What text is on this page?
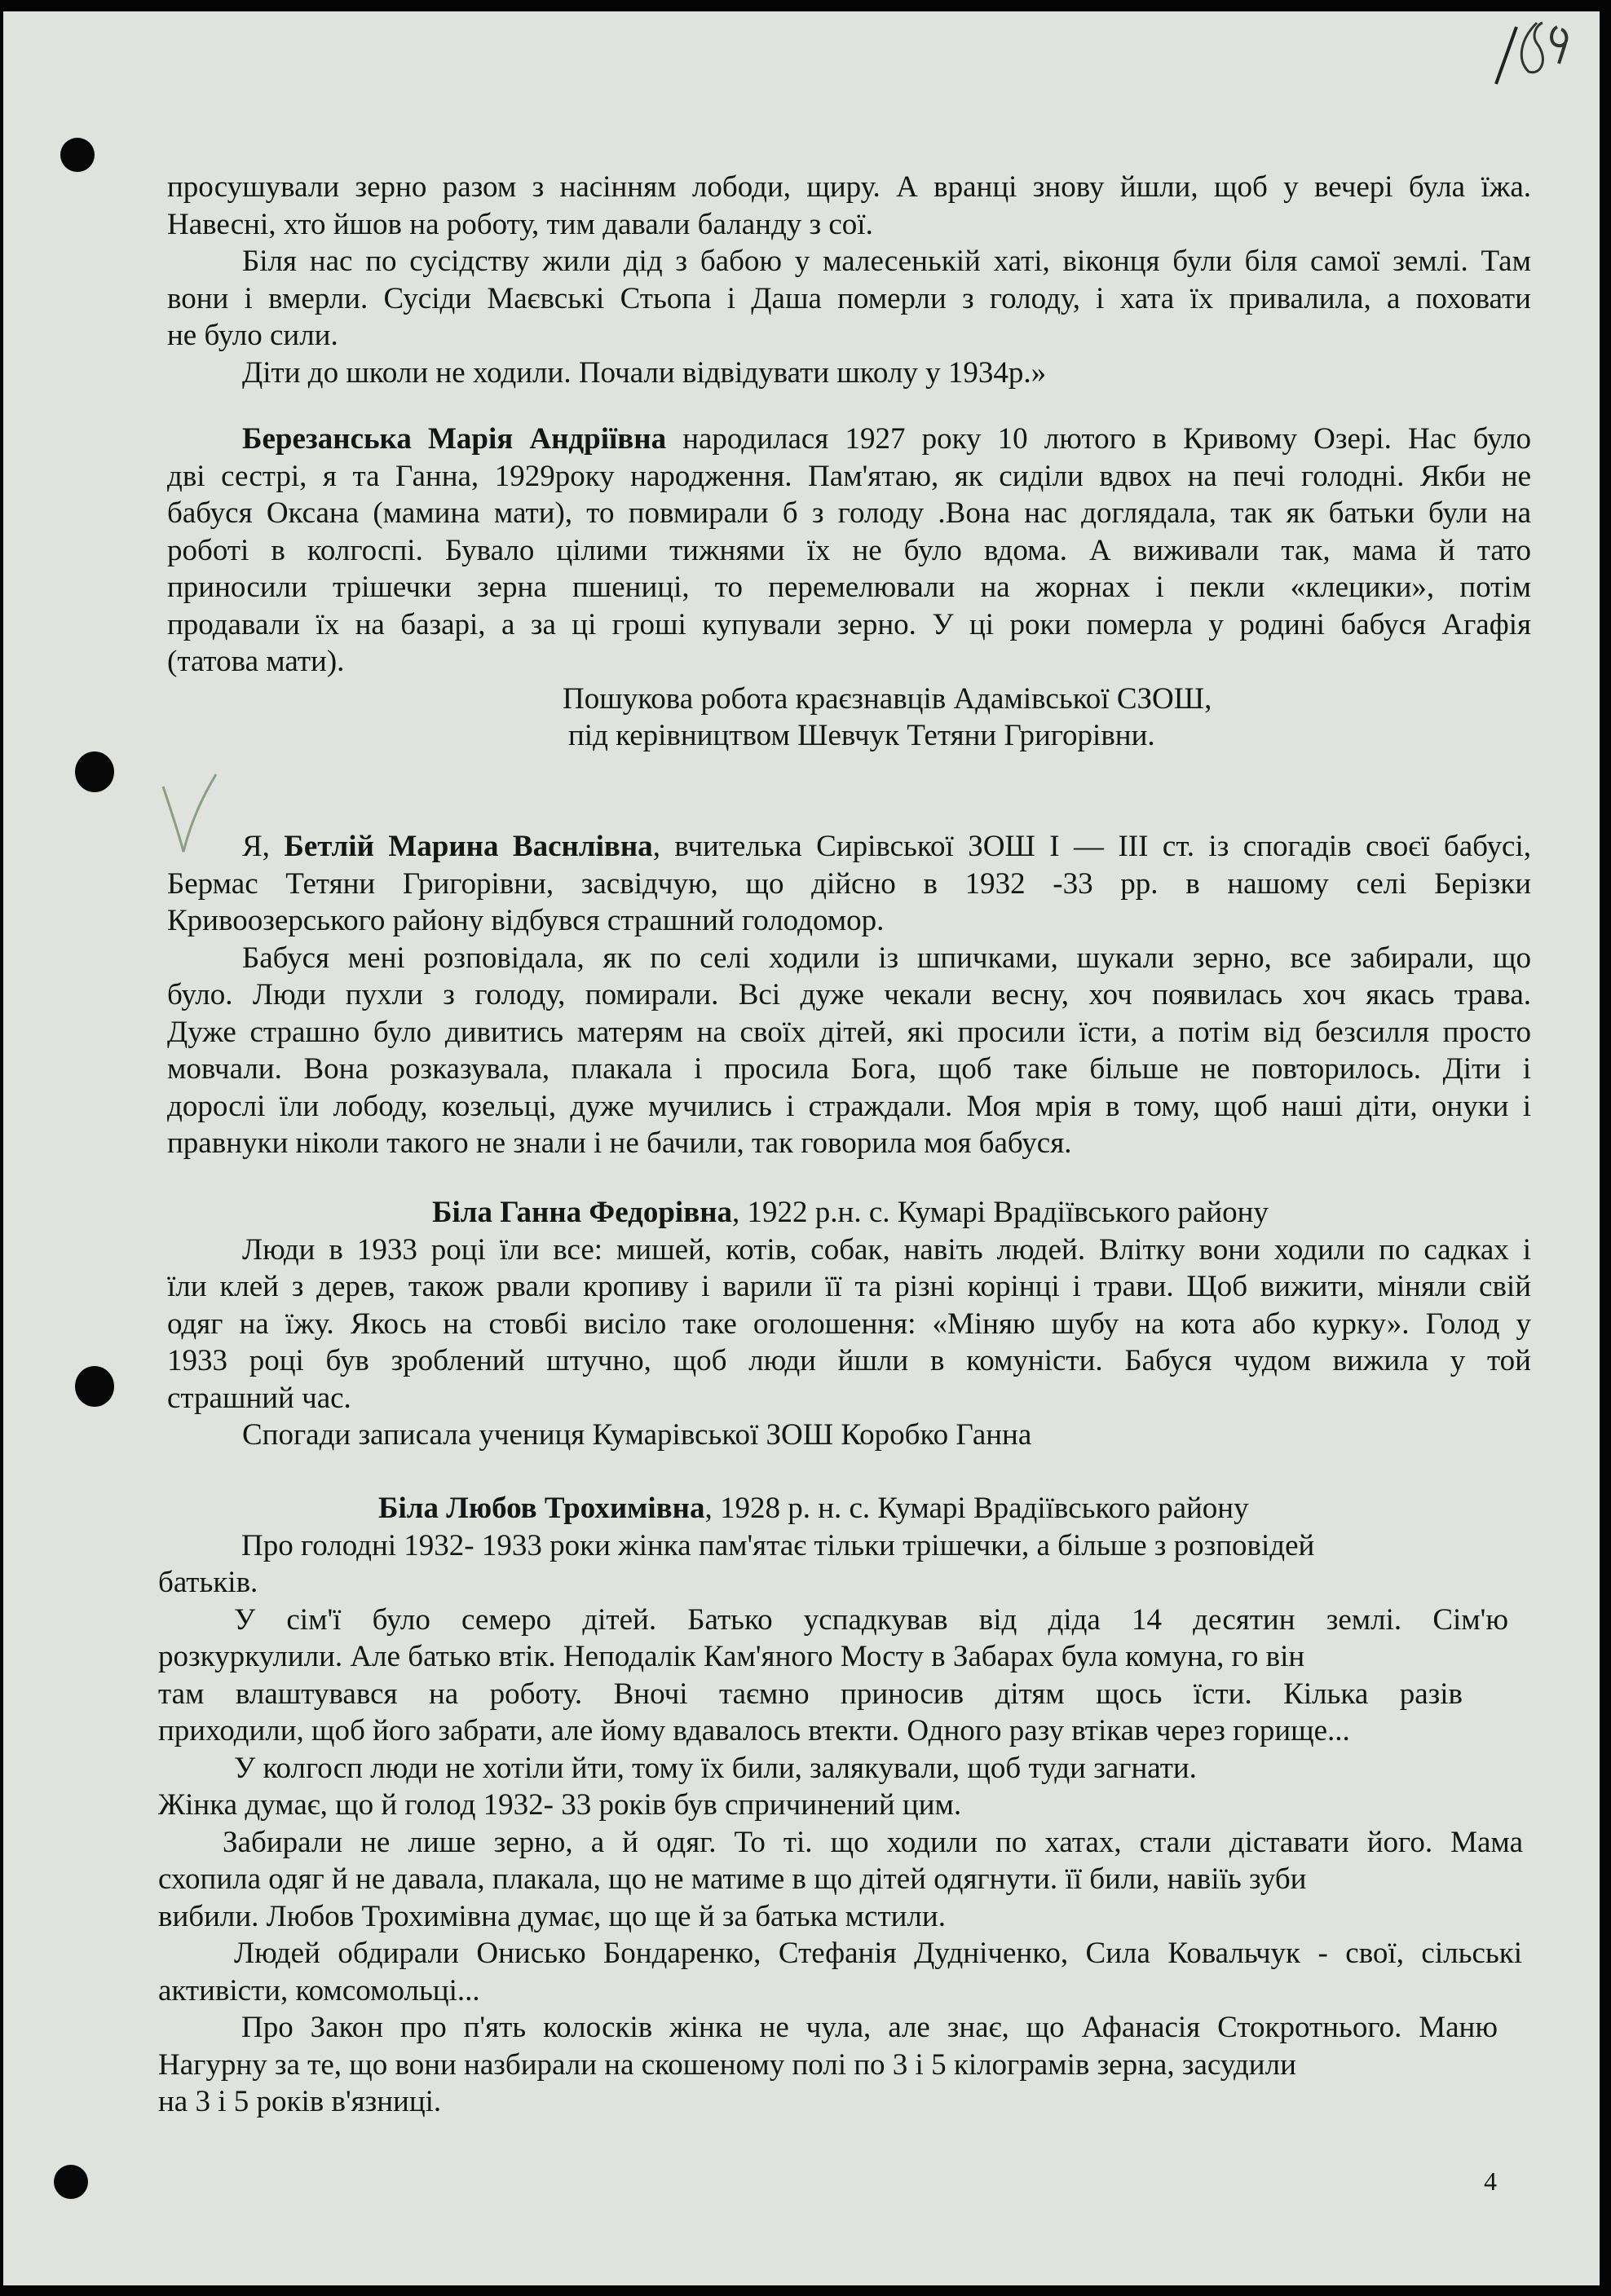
просушували зерно разом з насінням лободи, щиру. А вранці знову йшли, щоб у вечері була їжа.
Навесні, хто йшов на роботу, тим давали баланду з сої.
Біля нас по сусідству жили дід з бабою у малесенькій хаті, віконця були біля самої землі. Там
вони і вмерли. Сусіди Маєвські Стьопа і Даша померли з голоду, і хата їх привалила, а поховати
не було сили.
Діти до школи не ходили. Почали відвідувати школу у 1934р.»
Березанська Марія Андріївна народилася 1927 року 10 лютого в Кривому Озері. Нас було
дві сестрі, я та Ганна, 1929року народження. Пам'ятаю, як сиділи вдвох на печі голодні. Якби не
бабуся Оксана (мамина мати), то повмирали б з голоду .Вона нас доглядала, так як батьки були на
роботі в колгоспі. Бувало цілими тижнями їх не було вдома. А виживали так, мама й тато
приносили трішечки зерна пшениці, то перемелювали на жорнах і пекли «клецики», потім
продавали їх на базарі, а за ці гроші купували зерно. У ці роки померла у родині бабуся Агафія
(татова мати).
Пошукова робота краєзнавців Адамівської СЗОШ,
під керівництвом Шевчук Тетяни Григорівни.
Я, Бетлій Марина Васнлівна, вчителька Сирівської ЗОШ І — ІІІ ст. із спогадів своєї бабусі,
Бермас Тетяни Григорівни, засвідчую, що дійсно в 1932 -33 рр. в нашому селі Берізки
Кривоозерського району відбувся страшний голодомор.
Бабуся мені розповідала, як по селі ходили із шпичками, шукали зерно, все забирали, що
було. Люди пухли з голоду, помирали. Всі дуже чекали весну, хоч появилась хоч якась трава.
Дуже страшно було дивитись матерям на своїх дітей, які просили їсти, а потім від безсилля просто
мовчали. Вона розказувала, плакала і просила Бога, щоб таке більше не повторилось. Діти і
дорослі їли лободу, козельці, дуже мучились і страждали. Моя мрія в тому, щоб наші діти, онуки і
правнуки ніколи такого не знали і не бачили, так говорила моя бабуся.
Біла Ганна Федорівна, 1922 р.н. с. Кумарі Врадіївського району
Люди в 1933 році їли все: мишей, котів, собак, навіть людей. Влітку вони ходили по садках і
їли клей з дерев, також рвали кропиву і варили її та різні корінці і трави. Щоб вижити, міняли свій
одяг на їжу. Якось на стовбі висіло таке оголошення: «Міняю шубу на кота або курку». Голод у
1933 році був зроблений штучно, щоб люди йшли в комуністи. Бабуся чудом вижила у той
страшний час.
Спогади записала учениця Кумарівської ЗОШ Коробко Ганна
Біла Любов Трохимівна, 1928 р. н. с. Кумарі Врадіївського району
Про голодні 1932- 1933 роки жінка пам'ятає тільки трішечки, а більше з розповідей
батьків.
У сім'ї було семеро дітей. Батько успадкував від діда 14 десятин землі. Сім'ю
розкуркулили. Але батько втік. Неподалік Кам'яного Мосту в Забарах була комуна, го він
там влаштувався на роботу. Вночі таємно приносив дітям щось їсти. Кілька разів
приходили, щоб його забрати, але йому вдавалось втекти. Одного разу втікав через горище...
У колгосп люди не хотіли йти, тому їх били, залякували, щоб туди загнати.
Жінка думає, що й голод 1932- 33 років був спричинений цим.
Забирали не лише зерно, а й одяг. То ті. що ходили по хатах, стали діставати його. Мама
схопила одяг й не давала, плакала, що не матиме в що дітей одягнути. її били, навіїь зуби
вибили. Любов Трохимівна думає, що ще й за батька мстили.
Людей обдирали Онисько Бондаренко, Стефанія Дудніченко, Сила Ковальчук - свої, сільські
активісти, комсомольці...
Про Закон про п'ять колосків жінка не чула, але знає, що Афанасія Стокротнього. Маню
Нагурну за те, що вони назбирали на скошеному полі по 3 і 5 кілограмів зерна, засудили
на 3 і 5 років в'язниці.
4
